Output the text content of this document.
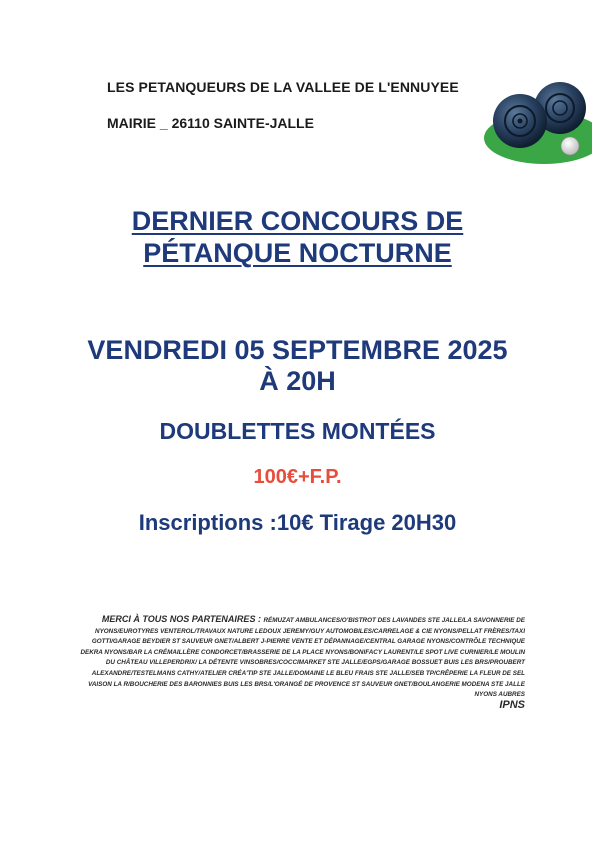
LES PETANQUEURS DE LA VALLEE DE L'ENNUYEE
MAIRIE _ 26110 SAINTE-JALLE
DERNIER CONCOURS DE
PÉTANQUE NOCTURNE
VENDREDI 05 SEPTEMBRE 2025
À 20H
DOUBLETTES MONTÉES
100€+F.P.
Inscriptions :10€ Tirage 20H30
MERCI À TOUS NOS PARTENAIRES : RÉMUZAT AMBULANCES/O'BISTROT DES LAVANDES STE JALLE/LA SAVONNERIE DE NYONS/EUROTYRES VENTEROL/TRAVAUX NATURE LEDOUX JEREMY/GUY AUTOMOBILES/CARRELAGE & CIE NYONS/PELLAT FRÈRES/TAXI GOTTI/GARAGE BEYDIER ST SAUVEUR GNET/ALBERT J-PIERRE VENTE ET DÉPANNAGE/CENTRAL GARAGE NYONS/CONTRÔLE TECHNIQUE DEKRA NYONS/BAR LA CRÉMAILLÈRE CONDORCET/BRASSERIE DE LA PLACE NYONS/BONIFACY LAURENT/LE SPOT LIVE CURNIER/LE MOULIN DU CHÂTEAU VILLEPERDRIX/ LA DÉTENTE VINSOBRES/COCCIMARKET STE JALLE/EGPS/GARAGE BOSSUET BUIS LES BRS/PROUBERT ALEXANDRE/TESTELMANS CATHY/ATELIER CRÉA'TIP STE JALLE/DOMAINE LE BLEU FRAIS STE JALLE/SEB TP/CRÊPERIE LA FLEUR DE SEL VAISON LA R/BOUCHERIE DES BARONNIES BUIS LES BRS/L'ORANGÉ DE PROVENCE ST SAUVEUR GNET/BOULANGERIE MODENA STE JALLE NYONS AUBRES
IPNS
